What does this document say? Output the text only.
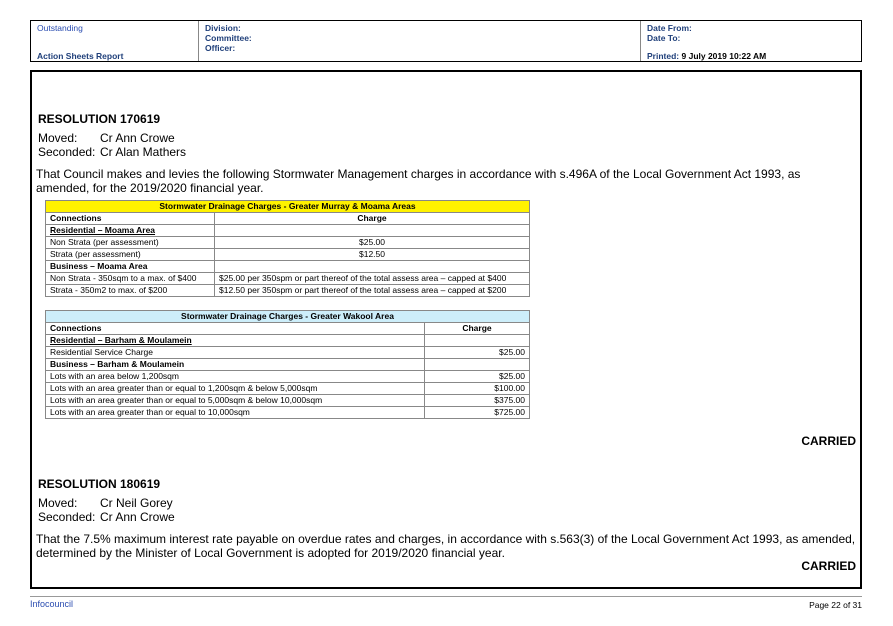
Outstanding	Division:
Committee:
Officer:
Date From:
Date To:
Action Sheets Report	Printed: 9 July 2019 10:22 AM
RESOLUTION 170619
Moved: Cr Ann Crowe
Seconded: Cr Alan Mathers
That Council makes and levies the following Stormwater Management charges in accordance with s.496A of the Local Government Act 1993, as amended, for the 2019/2020 financial year.
Stormwater Drainage Charges - Greater Murray & Moama Areas	
Connections	Charge
Residential – Moama Area	
Non Strata (per assessment)	$25.00
Strata (per assessment)	$12.50
Business – Moama Area	
Non Strata - 350sqm to a max. of $400	$25.00 per 350spm or part thereof of the total assess area – capped at $400
Strata - 350m2 to max. of $200	$12.50 per 350spm or part thereof of the total assess area – capped at $200
Stormwater Drainage Charges - Greater Wakool Area	
Connections	Charge
Residential – Barham & Moulamein	
Residential Service Charge	$25.00
Business – Barham & Moulamein	
Lots with an area below 1,200sqm	$25.00
Lots with an area greater than or equal to 1,200sqm & below 5,000sqm	$100.00
Lots with an area greater than or equal to 5,000sqm & below 10,000sqm	$375.00
Lots with an area greater than or equal to 10,000sqm	$725.00
CARRIED
RESOLUTION 180619
Moved: Cr Neil Gorey
Seconded: Cr Ann Crowe
That the 7.5% maximum interest rate payable on overdue rates and charges, in accordance with s.563(3) of the Local Government Act 1993, as amended, determined by the Minister of Local Government is adopted for 2019/2020 financial year.
CARRIED
Infocouncil	Page 22 of 31
